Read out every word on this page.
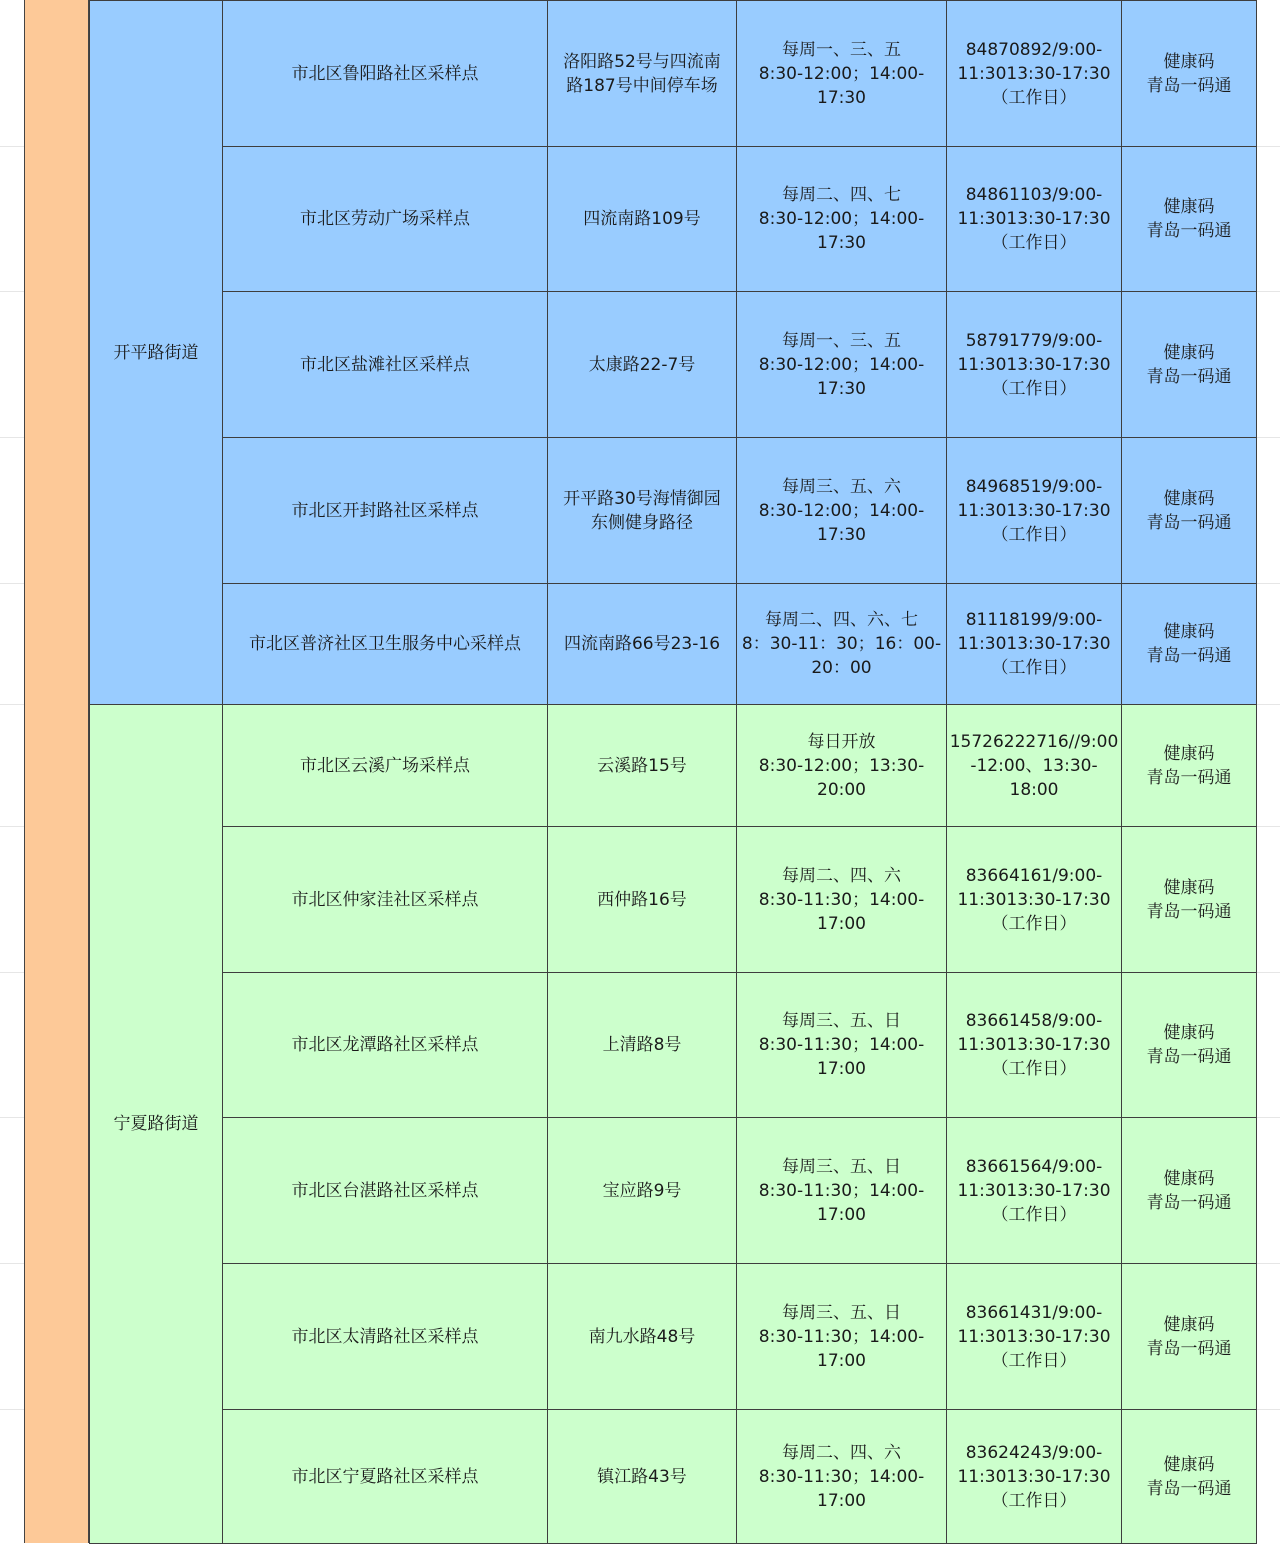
开平路街道	市北区鲁阳路社区采样点	洛阳路52号与四流南
路187号中间停车场	每周一、三、五
8:30-12:00；14:00-
17:30	84870892/9:00-
11:3013:30-17:30
（工作日）	健康码
青岛一码通

	市北区劳动广场采样点	四流南路109号	每周二、四、七
8:30-12:00；14:00-
17:30	84861103/9:00-
11:3013:30-17:30
（工作日）	健康码
青岛一码通

	市北区盐滩社区采样点	太康路22-7号	每周一、三、五
8:30-12:00；14:00-
17:30	58791779/9:00-
11:3013:30-17:30
（工作日）	健康码
青岛一码通

	市北区开封路社区采样点	开平路30号海情御园
东侧健身路径	每周三、五、六
8:30-12:00；14:00-
17:30	84968519/9:00-
11:3013:30-17:30
（工作日）	健康码
青岛一码通

	市北区普济社区卫生服务中心采样点	四流南路66号23-16	每周二、四、六、七
8：30-11：30；16：00-
20：00	81118199/9:00-
11:3013:30-17:30
（工作日）	健康码
青岛一码通

宁夏路街道	市北区云溪广场采样点	云溪路15号	每日开放
8:30-12:00；13:30-
20:00	15726222716//9:00
-12:00、13:30-
18:00	健康码
青岛一码通

	市北区仲家洼社区采样点	西仲路16号	每周二、四、六
8:30-11:30；14:00-
17:00	83664161/9:00-
11:3013:30-17:30
（工作日）	健康码
青岛一码通

	市北区龙潭路社区采样点	上清路8号	每周三、五、日
8:30-11:30；14:00-
17:00	83661458/9:00-
11:3013:30-17:30
（工作日）	健康码
青岛一码通

	市北区台湛路社区采样点	宝应路9号	每周三、五、日
8:30-11:30；14:00-
17:00	83661564/9:00-
11:3013:30-17:30
（工作日）	健康码
青岛一码通

	市北区太清路社区采样点	南九水路48号	每周三、五、日
8:30-11:30；14:00-
17:00	83661431/9:00-
11:3013:30-17:30
（工作日）	健康码
青岛一码通

	市北区宁夏路社区采样点	镇江路43号	每周二、四、六
8:30-11:30；14:00-
17:00	83624243/9:00-
11:3013:30-17:30
（工作日）	健康码
青岛一码通
